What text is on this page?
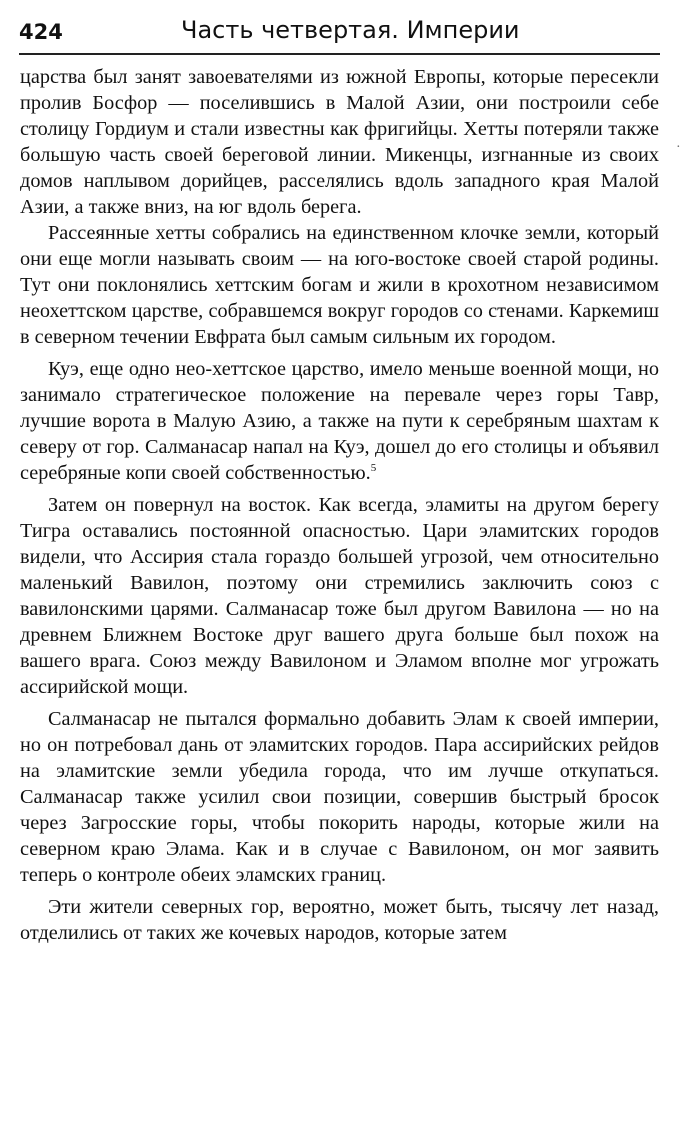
424	Часть четвертая. Империи

царства был занят завоевателями из южной Европы, которые пересекли пролив Босфор — поселившись в Малой Азии, они построили себе столицу Гордиум и стали известны как фригийцы. Хетты потеряли также большую часть своей береговой линии. Микенцы, изгнанные из своих домов наплывом дорийцев, расселялись вдоль западного края Малой Азии, а также вниз, на юг вдоль берега.

Рассеянные хетты собрались на единственном клочке земли, который они еще могли называть своим — на юго-востоке своей старой родины. Тут они поклонялись хеттским богам и жили в крохотном независимом неохеттском царстве, собравшемся вокруг городов со стенами. Каркемиш в северном течении Евфрата был самым сильным их городом.

Куэ, еще одно нео-хеттское царство, имело меньше военной мощи, но занимало стратегическое положение на перевале через горы Тавр, лучшие ворота в Малую Азию, а также на пути к серебряным шахтам к северу от гор. Салманасар напал на Куэ, дошел до его столицы и объявил серебряные копи своей собственностью.$^5$

Затем он повернул на восток. Как всегда, эламиты на другом берегу Тигра оставались постоянной опасностью. Цари эламитских городов видели, что Ассирия стала гораздо большей угрозой, чем относительно маленький Вавилон, поэтому они стремились заключить союз с вавилонскими царями. Салманасар тоже был другом Вавилона — но на древнем Ближнем Востоке друг вашего друга больше был похож на вашего врага. Союз между Вавилоном и Эламом вполне мог угрожать ассирийской мощи.

Салманасар не пытался формально добавить Элам к своей империи, но он потребовал дань от эламитских городов. Пара ассирийских рейдов на эламитские земли убедила города, что им лучше откупаться. Салманасар также усилил свои позиции, совершив быстрый бросок через Загросские горы, чтобы покорить народы, которые жили на северном краю Элама. Как и в случае с Вавилоном, он мог заявить теперь о контроле обеих эламских границ.

Эти жители северных гор, вероятно, может быть, тысячу лет назад, отделились от таких же кочевых народов, которые затем

·
